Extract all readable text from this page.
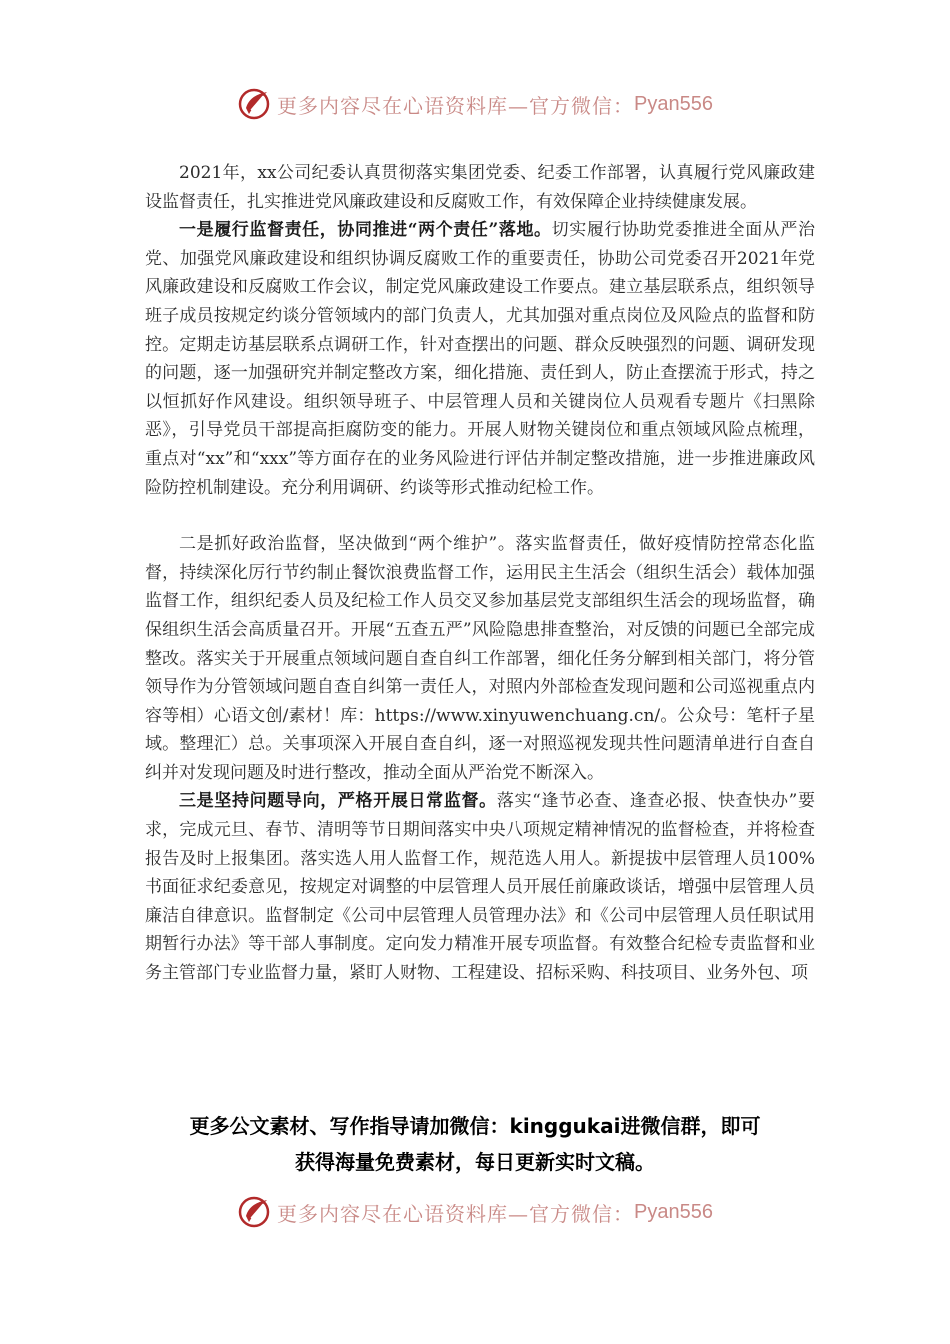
更多内容尽在心语资料库—官方微信： Pyan556

2021年，xx公司纪委认真贯彻落实集团党委、纪委工作部署，认真履行党风廉政建设监督责任，扎实推进党风廉政建设和反腐败工作，有效保障企业持续健康发展。

一是履行监督责任，协同推进“两个责任”落地。切实履行协助党委推进全面从严治党、加强党风廉政建设和组织协调反腐败工作的重要责任，协助公司党委召开2021年党风廉政建设和反腐败工作会议，制定党风廉政建设工作要点。建立基层联系点，组织领导班子成员按规定约谈分管领域内的部门负责人，尤其加强对重点岗位及风险点的监督和防控。定期走访基层联系点调研工作，针对查摆出的问题、群众反映强烈的问题、调研发现的问题，逐一加强研究并制定整改方案，细化措施、责任到人，防止查摆流于形式，持之以恒抓好作风建设。组织领导班子、中层管理人员和关键岗位人员观看专题片《扫黑除恶》，引导党员干部提高拒腐防变的能力。开展人财物关键岗位和重点领域风险点梳理，重点对“xx”和“xxx”等方面存在的业务风险进行评估并制定整改措施，进一步推进廉政风险防控机制建设。充分利用调研、约谈等形式推动纪检工作。

二是抓好政治监督，坚决做到“两个维护”。落实监督责任，做好疫情防控常态化监督，持续深化厉行节约制止餐饮浪费监督工作，运用民主生活会（组织生活会）载体加强监督工作，组织纪委人员及纪检工作人员交叉参加基层党支部组织生活会的现场监督，确保组织生活会高质量召开。开展“五查五严”风险隐患排查整治，对反馈的问题已全部完成整改。落实关于开展重点领域问题自查自纠工作部署，细化任务分解到相关部门，将分管领导作为分管领域问题自查自纠第一责任人，对照内外部检查发现问题和公司巡视重点内容等相）心语文创/素材！库：https://www.xinyuwenchuang.cn/。公众号：笔杆子星域。整理汇）总。关事项深入开展自查自纠，逐一对照巡视发现共性问题清单进行自查自纠并对发现问题及时进行整改，推动全面从严治党不断深入。

三是坚持问题导向，严格开展日常监督。落实“逢节必查、逢查必报、快查快办”要求，完成元旦、春节、清明等节日期间落实中央八项规定精神情况的监督检查，并将检查报告及时上报集团。落实选人用人监督工作，规范选人用人。新提拔中层管理人员100%书面征求纪委意见，按规定对调整的中层管理人员开展任前廉政谈话，增强中层管理人员廉洁自律意识。监督制定《公司中层管理人员管理办法》和《公司中层管理人员任职试用期暂行办法》等干部人事制度。定向发力精准开展专项监督。有效整合纪检专责监督和业务主管部门专业监督力量，紧盯人财物、工程建设、招标采购、科技项目、业务外包、项

更多公文素材、写作指导请加微信：kinggukai进微信群，即可
获得海量免费素材，每日更新实时文稿。
更多内容尽在心语资料库—官方微信： Pyan556
